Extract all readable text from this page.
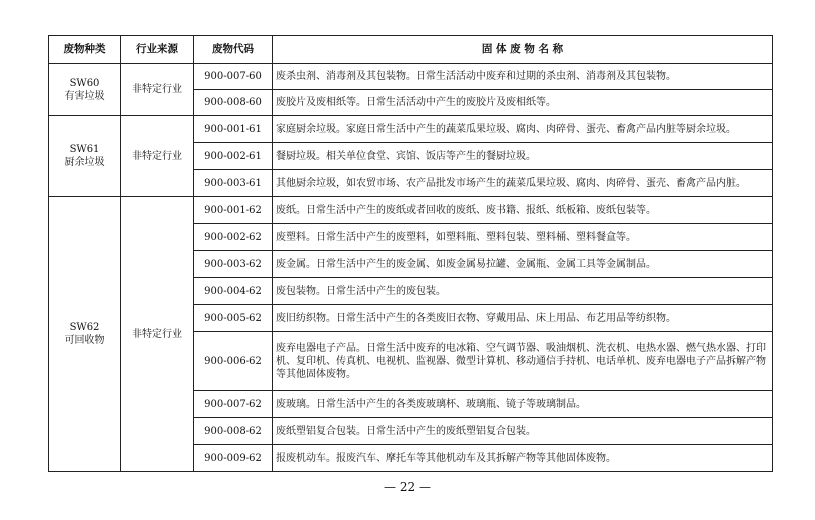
废物种类	行业来源	废物代码	固 体 废 物 名 称

SW60
有害垃圾	非特定行业	900-007-60	废杀虫剂、消毒剂及其包装物。日常生活活动中废弃和过期的杀虫剂、消毒剂及其包装物。
		900-008-60	废胶片及废相纸等。日常生活活动中产生的废胶片及废相纸等。

SW61
厨余垃圾	非特定行业	900-001-61	家庭厨余垃圾。家庭日常生活中产生的蔬菜瓜果垃圾、腐肉、肉碎骨、蛋壳、畜禽产品内脏等厨余垃圾。
		900-002-61	餐厨垃圾。相关单位食堂、宾馆、饭店等产生的餐厨垃圾。
		900-003-61	其他厨余垃圾，如农贸市场、农产品批发市场产生的蔬菜瓜果垃圾、腐肉、肉碎骨、蛋壳、畜禽产品内脏。

SW62
可回收物	非特定行业	900-001-62	废纸。日常生活中产生的废纸或者回收的废纸、废书籍、报纸、纸板箱、废纸包装等。
		900-002-62	废塑料。日常生活中产生的废塑料，如塑料瓶、塑料包装、塑料桶、塑料餐盒等。
		900-003-62	废金属。日常生活中产生的废金属、如废金属易拉罐、金属瓶、金属工具等金属制品。
		900-004-62	废包装物。日常生活中产生的废包装。
		900-005-62	废旧纺织物。日常生活中产生的各类废旧衣物、穿戴用品、床上用品、布艺用品等纺织物。
		900-006-62	废弃电器电子产品。日常生活中废弃的电冰箱、空气调节器、吸油烟机、洗衣机、电热水器、燃气热水器、打印机、复印机、传真机、电视机、监视器、微型计算机、移动通信手持机、电话单机、废弃电器电子产品拆解产物等其他固体废物。
		900-007-62	废玻璃。日常生活中产生的各类废玻璃杯、玻璃瓶、镜子等玻璃制品。
		900-008-62	废纸塑铝复合包装。日常生活中产生的废纸塑铝复合包装。
		900-009-62	报废机动车。报废汽车、摩托车等其他机动车及其拆解产物等其他固体废物。
— 22 —
